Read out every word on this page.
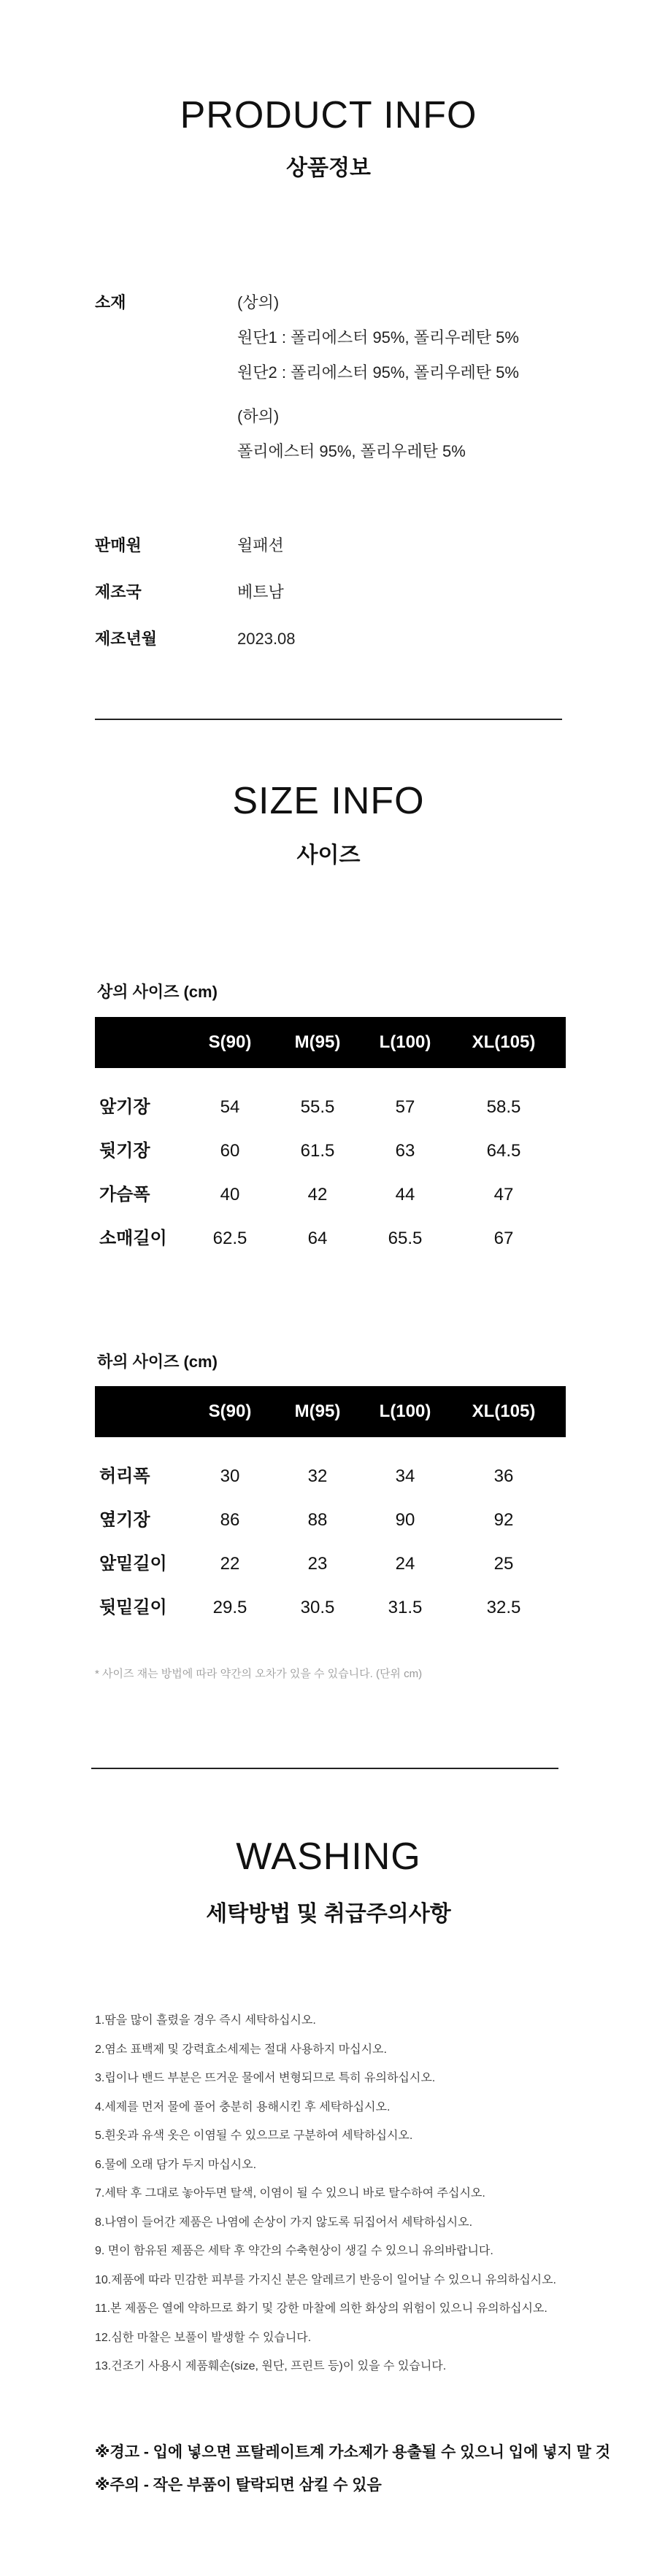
PRODUCT INFO
상품정보
소재	(상의)
원단1 : 폴리에스터 95%, 폴리우레탄 5%
원단2 : 폴리에스터 95%, 폴리우레탄 5%
(하의)
폴리에스터 95%, 폴리우레탄 5%
판매원	윌패션
제조국	베트남
제조년월	2023.08
SIZE INFO
사이즈
상의 사이즈 (cm)
S(90)	M(95)	L(100)	XL(105)
앞기장	54	55.5	57	58.5
뒷기장	60	61.5	63	64.5
가슴폭	40	42	44	47
소매길이	62.5	64	65.5	67
하의 사이즈 (cm)
S(90)	M(95)	L(100)	XL(105)
허리폭	30	32	34	36
옆기장	86	88	90	92
앞밑길이	22	23	24	25
뒷밑길이	29.5	30.5	31.5	32.5
* 사이즈 재는 방법에 따라 약간의 오차가 있을 수 있습니다. (단위 cm)
WASHING
세탁방법 및 취급주의사항
1.땀을 많이 흘렸을 경우 즉시 세탁하십시오.
2.염소 표백제 및 강력효소세제는 절대 사용하지 마십시오.
3.립이나 밴드 부분은 뜨거운 물에서 변형되므로 특히 유의하십시오.
4.세제를 먼저 물에 풀어 충분히 용해시킨 후 세탁하십시오.
5.흰옷과 유색 옷은 이염될 수 있으므로 구분하여 세탁하십시오.
6.물에 오래 담가 두지 마십시오.
7.세탁 후 그대로 놓아두면 탈색, 이염이 될 수 있으니 바로 탈수하여 주십시오.
8.나염이 들어간 제품은 나염에 손상이 가지 않도록 뒤집어서 세탁하십시오.
9. 면이 함유된 제품은 세탁 후 약간의 수축현상이 생길 수 있으니 유의바랍니다.
10.제품에 따라 민감한 피부를 가지신 분은 알레르기 반응이 일어날 수 있으니 유의하십시오.
11.본 제품은 열에 약하므로 화기 및 강한 마찰에 의한 화상의 위험이 있으니 유의하십시오.
12.심한 마찰은 보풀이 발생할 수 있습니다.
13.건조기 사용시 제품훼손(size, 원단, 프린트 등)이 있을 수 있습니다.
※경고 - 입에 넣으면 프탈레이트계 가소제가 용출될 수 있으니 입에 넣지 말 것
※주의 - 작은 부품이 탈락되면 삼킬 수 있음
